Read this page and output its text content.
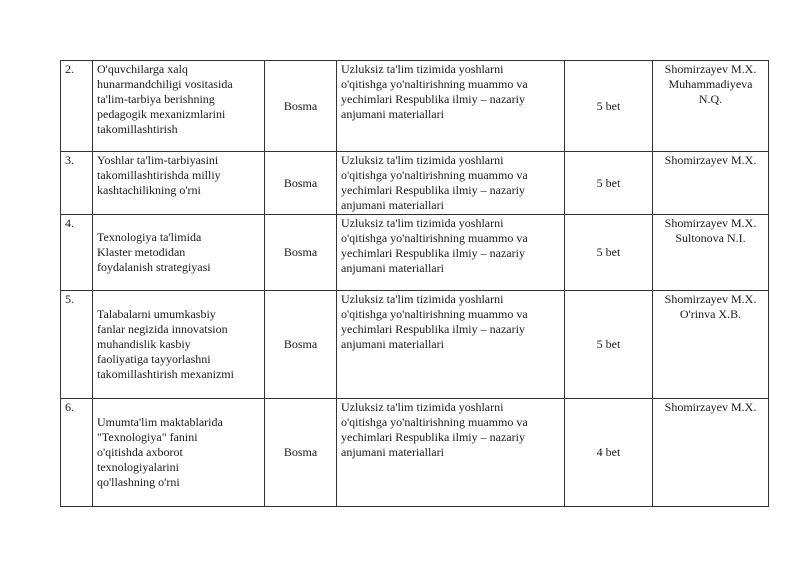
2.	O'quvchilarga xalq
hunarmandchiligi vositasida
ta'lim-tarbiya berishning
pedagogik mexanizmlarini
takomillashtirish	Bosma	Uzluksiz ta'lim tizimida yoshlarni
o'qitishga yo'naltirishning muammo va
yechimlari Respublika ilmiy – nazariy
anjumani materiallari	5 bet	Shomirzayev M.X.
Muhammadiyeva
N.Q.

3.	Yoshlar ta'lim-tarbiyasini
takomillashtirishda milliy
kashtachilikning o'rni	Bosma	Uzluksiz ta'lim tizimida yoshlarni
o'qitishga yo'naltirishning muammo va
yechimlari Respublika ilmiy – nazariy
anjumani materiallari	5 bet	Shomirzayev M.X.

4.	Texnologiya ta'limida
Klaster metodidan
foydalanish strategiyasi	Bosma	Uzluksiz ta'lim tizimida yoshlarni
o'qitishga yo'naltirishning muammo va
yechimlari Respublika ilmiy – nazariy
anjumani materiallari	5 bet	Shomirzayev M.X.
Sultonova N.I.

5.	Talabalarni umumkasbiy
fanlar negizida innovatsion
muhandislik kasbiy
faoliyatiga tayyorlashni
takomillashtirish mexanizmi	Bosma	Uzluksiz ta'lim tizimida yoshlarni
o'qitishga yo'naltirishning muammo va
yechimlari Respublika ilmiy – nazariy
anjumani materiallari	5 bet	Shomirzayev M.X.
O'rinva X.B.

6.	Umumta'lim maktablarida
"Texnologiya" fanini
o'qitishda axborot
texnologiyalarini
qo'llashning o'rni	Bosma	Uzluksiz ta'lim tizimida yoshlarni
o'qitishga yo'naltirishning muammo va
yechimlari Respublika ilmiy – nazariy
anjumani materiallari	4 bet	Shomirzayev M.X.
